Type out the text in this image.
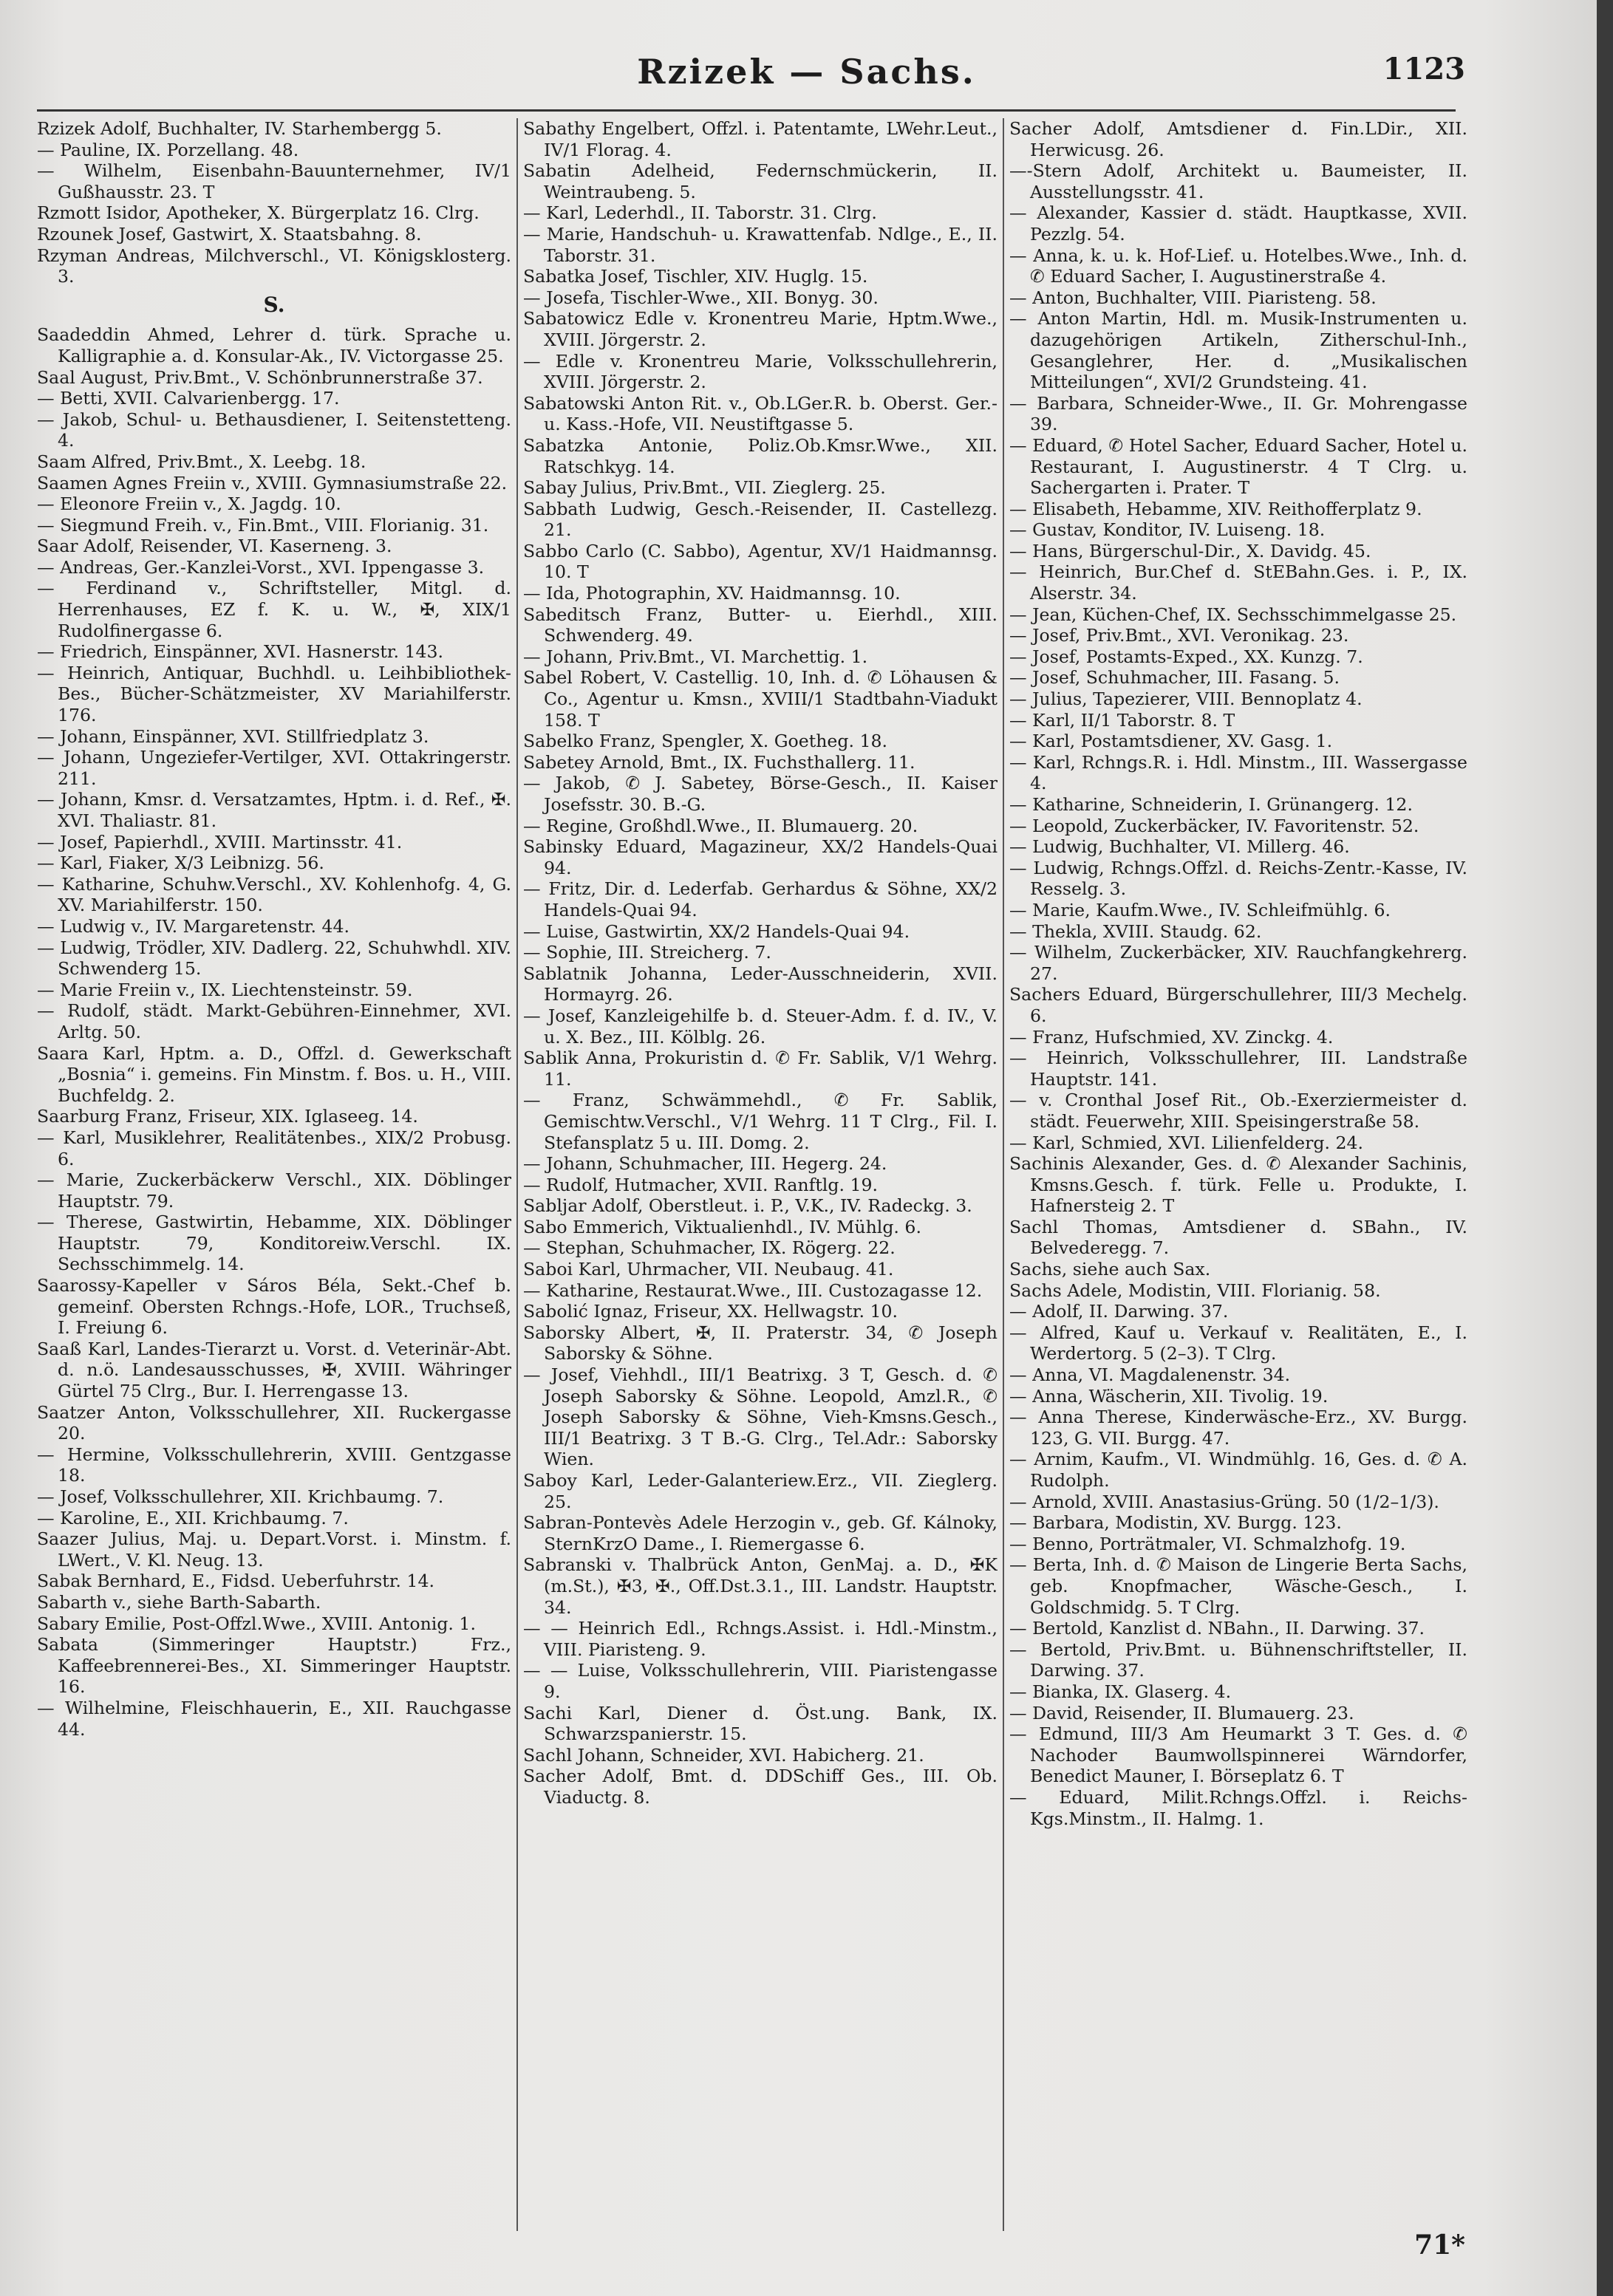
Rzizek — Sachs.	1123

Rzizek Adolf, Buchhalter, IV. Starhembergg 5.

— Pauline, IX. Porzellang. 48.

— Wilhelm, Eisenbahn-Bauunternehmer, IV/1 Gußhausstr. 23. T

Rzmott Isidor, Apotheker, X. Bürgerplatz 16. Clrg.

Rzounek Josef, Gastwirt, X. Staatsbahng. 8.

Rzyman Andreas, Milchverschl., VI. Königsklosterg. 3.

S.

Saadeddin Ahmed, Lehrer d. türk. Sprache u. Kalligraphie a. d. Konsular-Ak., IV. Victorgasse 25.

Saal August, Priv.Bmt., V. Schönbrunnerstraße 37.

— Betti, XVII. Calvarienbergg. 17.

— Jakob, Schul- u. Bethausdiener, I. Seitenstetteng. 4.

Saam Alfred, Priv.Bmt., X. Leebg. 18.

Saamen Agnes Freiin v., XVIII. Gymnasiumstraße 22.

— Eleonore Freiin v., X. Jagdg. 10.

— Siegmund Freih. v., Fin.Bmt., VIII. Florianig. 31.

Saar Adolf, Reisender, VI. Kaserneng. 3.

— Andreas, Ger.-Kanzlei-Vorst., XVI. Ippengasse 3.

— Ferdinand v., Schriftsteller, Mitgl. d. Herrenhauses, EZ f. K. u. W., ✠, XIX/1 Rudolfinergasse 6.

— Friedrich, Einspänner, XVI. Hasnerstr. 143.

— Heinrich, Antiquar, Buchhdl. u. Leihbibliothek-Bes., Bücher-Schätzmeister, XV Mariahilferstr. 176.

— Johann, Einspänner, XVI. Stillfriedplatz 3.

— Johann, Ungeziefer-Vertilger, XVI. Ottakringerstr. 211.

— Johann, Kmsr. d. Versatzamtes, Hptm. i. d. Ref., ✠. XVI. Thaliastr. 81.

— Josef, Papierhdl., XVIII. Martinsstr. 41.

— Karl, Fiaker, X/3 Leibnizg. 56.

— Katharine, Schuhw.Verschl., XV. Kohlenhofg. 4, G. XV. Mariahilferstr. 150.

— Ludwig v., IV. Margaretenstr. 44.

— Ludwig, Trödler, XIV. Dadlerg. 22, Schuhwhdl. XIV. Schwenderg 15.

— Marie Freiin v., IX. Liechtensteinstr. 59.

— Rudolf, städt. Markt-Gebühren-Einnehmer, XVI. Arltg. 50.

Saara Karl, Hptm. a. D., Offzl. d. Gewerkschaft „Bosnia“ i. gemeins. Fin Minstm. f. Bos. u. H., VIII. Buchfeldg. 2.

Saarburg Franz, Friseur, XIX. Iglaseeg. 14.

— Karl, Musiklehrer, Realitätenbes., XIX/2 Probusg. 6.

— Marie, Zuckerbäckerw Verschl., XIX. Döblinger Hauptstr. 79.

— Therese, Gastwirtin, Hebamme, XIX. Döblinger Hauptstr. 79, Konditoreiw.Verschl. IX. Sechsschimmelg. 14.

Saarossy-Kapeller v Sáros Béla, Sekt.-Chef b. gemeinf. Obersten Rchngs.-Hofe, LOR., Truchseß, I. Freiung 6.

Saaß Karl, Landes-Tierarzt u. Vorst. d. Veterinär-Abt. d. n.ö. Landesausschusses, ✠, XVIII. Währinger Gürtel 75 Clrg., Bur. I. Herrengasse 13.

Saatzer Anton, Volksschullehrer, XII. Ruckergasse 20.

— Hermine, Volksschullehrerin, XVIII. Gentzgasse 18.

— Josef, Volksschullehrer, XII. Krichbaumg. 7.

— Karoline, E., XII. Krichbaumg. 7.

Saazer Julius, Maj. u. Depart.Vorst. i. Minstm. f. LWert., V. Kl. Neug. 13.

Sabak Bernhard, E., Fidsd. Ueberfuhrstr. 14.

Sabarth v., siehe Barth-Sabarth.

Sabary Emilie, Post-Offzl.Wwe., XVIII. Antonig. 1.

Sabata (Simmeringer Hauptstr.) Frz., Kaffeebrennerei-Bes., XI. Simmeringer Hauptstr. 16.

— Wilhelmine, Fleischhauerin, E., XII. Rauchgasse 44.

Sabathy Engelbert, Offzl. i. Patentamte, LWehr.Leut., IV/1 Florag. 4.

Sabatin Adelheid, Federnschmückerin, II. Weintraubeng. 5.

— Karl, Lederhdl., II. Taborstr. 31. Clrg.

— Marie, Handschuh- u. Krawattenfab. Ndlge., E., II. Taborstr. 31.

Sabatka Josef, Tischler, XIV. Huglg. 15.

— Josefa, Tischler-Wwe., XII. Bonyg. 30.

Sabatowicz Edle v. Kronentreu Marie, Hptm.Wwe., XVIII. Jörgerstr. 2.

— Edle v. Kronentreu Marie, Volksschullehrerin, XVIII. Jörgerstr. 2.

Sabatowski Anton Rit. v., Ob.LGer.R. b. Oberst. Ger.- u. Kass.-Hofe, VII. Neustiftgasse 5.

Sabatzka Antonie, Poliz.Ob.Kmsr.Wwe., XII. Ratschkyg. 14.

Sabay Julius, Priv.Bmt., VII. Zieglerg. 25.

Sabbath Ludwig, Gesch.-Reisender, II. Castellezg. 21.

Sabbo Carlo (C. Sabbo), Agentur, XV/1 Haidmannsg. 10. T

— Ida, Photographin, XV. Haidmannsg. 10.

Sabeditsch Franz, Butter- u. Eierhdl., XIII. Schwenderg. 49.

— Johann, Priv.Bmt., VI. Marchettig. 1.

Sabel Robert, V. Castellig. 10, Inh. d. ✆ Löhausen & Co., Agentur u. Kmsn., XVIII/1 Stadtbahn-Viadukt 158. T

Sabelko Franz, Spengler, X. Goetheg. 18.

Sabetey Arnold, Bmt., IX. Fuchsthallerg. 11.

— Jakob, ✆ J. Sabetey, Börse-Gesch., II. Kaiser Josefsstr. 30. B.-G.

— Regine, Großhdl.Wwe., II. Blumauerg. 20.

Sabinsky Eduard, Magazineur, XX/2 Handels-Quai 94.

— Fritz, Dir. d. Lederfab. Gerhardus & Söhne, XX/2 Handels-Quai 94.

— Luise, Gastwirtin, XX/2 Handels-Quai 94.

— Sophie, III. Streicherg. 7.

Sablatnik Johanna, Leder-Ausschneiderin, XVII. Hormayrg. 26.

— Josef, Kanzleigehilfe b. d. Steuer-Adm. f. d. IV., V. u. X. Bez., III. Kölblg. 26.

Sablik Anna, Prokuristin d. ✆ Fr. Sablik, V/1 Wehrg. 11.

— Franz, Schwämmehdl., ✆ Fr. Sablik, Gemischtw.Verschl., V/1 Wehrg. 11 T Clrg., Fil. I. Stefansplatz 5 u. III. Domg. 2.

— Johann, Schuhmacher, III. Hegerg. 24.

— Rudolf, Hutmacher, XVII. Ranftlg. 19.

Sabljar Adolf, Oberstleut. i. P., V.K., IV. Radeckg. 3.

Sabo Emmerich, Viktualienhdl., IV. Mühlg. 6.

— Stephan, Schuhmacher, IX. Rögerg. 22.

Saboi Karl, Uhrmacher, VII. Neubaug. 41.

— Katharine, Restaurat.Wwe., III. Custozagasse 12.

Sabolić Ignaz, Friseur, XX. Hellwagstr. 10.

Saborsky Albert, ✠, II. Praterstr. 34, ✆ Joseph Saborsky & Söhne.

— Josef, Viehhdl., III/1 Beatrixg. 3 T, Gesch. d. ✆ Joseph Saborsky & Söhne. Leopold, Amzl.R., ✆ Joseph Saborsky & Söhne, Vieh-Kmsns.Gesch., III/1 Beatrixg. 3 T B.-G. Clrg., Tel.Adr.: Saborsky Wien.

Saboy Karl, Leder-Galanteriew.Erz., VII. Zieglerg. 25.

Sabran-Pontevès Adele Herzogin v., geb. Gf. Kálnoky, SternKrzO Dame., I. Riemergasse 6.

Sabranski v. Thalbrück Anton, GenMaj. a. D., ✠K (m.St.), ✠3, ✠., Off.Dst.3.1., III. Landstr. Hauptstr. 34.

— — Heinrich Edl., Rchngs.Assist. i. Hdl.-Minstm., VIII. Piaristeng. 9.

— — Luise, Volksschullehrerin, VIII. Piaristengasse 9.

Sachi Karl, Diener d. Öst.ung. Bank, IX. Schwarzspanierstr. 15.

Sachl Johann, Schneider, XVI. Habicherg. 21.

Sacher Adolf, Bmt. d. DDSchiff Ges., III. Ob. Viaductg. 8.

Sacher Adolf, Amtsdiener d. Fin.LDir., XII. Herwicusg. 26.

—-Stern Adolf, Architekt u. Baumeister, II. Ausstellungsstr. 41.

— Alexander, Kassier d. städt. Hauptkasse, XVII. Pezzlg. 54.

— Anna, k. u. k. Hof-Lief. u. Hotelbes.Wwe., Inh. d. ✆ Eduard Sacher, I. Augustinerstraße 4.

— Anton, Buchhalter, VIII. Piaristeng. 58.

— Anton Martin, Hdl. m. Musik-Instrumenten u. dazugehörigen Artikeln, Zitherschul-Inh., Gesanglehrer, Her. d. „Musikalischen Mitteilungen“, XVI/2 Grundsteing. 41.

— Barbara, Schneider-Wwe., II. Gr. Mohrengasse 39.

— Eduard, ✆ Hotel Sacher, Eduard Sacher, Hotel u. Restaurant, I. Augustinerstr. 4 T Clrg. u. Sachergarten i. Prater. T

— Elisabeth, Hebamme, XIV. Reithofferplatz 9.

— Gustav, Konditor, IV. Luiseng. 18.

— Hans, Bürgerschul-Dir., X. Davidg. 45.

— Heinrich, Bur.Chef d. StEBahn.Ges. i. P., IX. Alserstr. 34.

— Jean, Küchen-Chef, IX. Sechsschimmelgasse 25.

— Josef, Priv.Bmt., XVI. Veronikag. 23.

— Josef, Postamts-Exped., XX. Kunzg. 7.

— Josef, Schuhmacher, III. Fasang. 5.

— Julius, Tapezierer, VIII. Bennoplatz 4.

— Karl, II/1 Taborstr. 8. T

— Karl, Postamtsdiener, XV. Gasg. 1.

— Karl, Rchngs.R. i. Hdl. Minstm., III. Wassergasse 4.

— Katharine, Schneiderin, I. Grünangerg. 12.

— Leopold, Zuckerbäcker, IV. Favoritenstr. 52.

— Ludwig, Buchhalter, VI. Millerg. 46.

— Ludwig, Rchngs.Offzl. d. Reichs-Zentr.-Kasse, IV. Resselg. 3.

— Marie, Kaufm.Wwe., IV. Schleifmühlg. 6.

— Thekla, XVIII. Staudg. 62.

— Wilhelm, Zuckerbäcker, XIV. Rauchfangkehrerg. 27.

Sachers Eduard, Bürgerschullehrer, III/3 Mechelg. 6.

— Franz, Hufschmied, XV. Zinckg. 4.

— Heinrich, Volksschullehrer, III. Landstraße Hauptstr. 141.

— v. Cronthal Josef Rit., Ob.-Exerziermeister d. städt. Feuerwehr, XIII. Speisingerstraße 58.

— Karl, Schmied, XVI. Lilienfelderg. 24.

Sachinis Alexander, Ges. d. ✆ Alexander Sachinis, Kmsns.Gesch. f. türk. Felle u. Produkte, I. Hafnersteig 2. T

Sachl Thomas, Amtsdiener d. SBahn., IV. Belvederegg. 7.

Sachs, siehe auch Sax.

Sachs Adele, Modistin, VIII. Florianig. 58.

— Adolf, II. Darwing. 37.

— Alfred, Kauf u. Verkauf v. Realitäten, E., I. Werdertorg. 5 (2–3). T Clrg.

— Anna, VI. Magdalenenstr. 34.

— Anna, Wäscherin, XII. Tivolig. 19.

— Anna Therese, Kinderwäsche-Erz., XV. Burgg. 123, G. VII. Burgg. 47.

— Arnim, Kaufm., VI. Windmühlg. 16, Ges. d. ✆ A. Rudolph.

— Arnold, XVIII. Anastasius-Grüng. 50 (1/2–1/3).

— Barbara, Modistin, XV. Burgg. 123.

— Benno, Porträtmaler, VI. Schmalzhofg. 19.

— Berta, Inh. d. ✆ Maison de Lingerie Berta Sachs, geb. Knopfmacher, Wäsche-Gesch., I. Goldschmidg. 5. T Clrg.

— Bertold, Kanzlist d. NBahn., II. Darwing. 37.

— Bertold, Priv.Bmt. u. Bühnenschriftsteller, II. Darwing. 37.

— Bianka, IX. Glaserg. 4.

— David, Reisender, II. Blumauerg. 23.

— Edmund, III/3 Am Heumarkt 3 T. Ges. d. ✆ Nachoder Baumwollspinnerei Wärndorfer, Benedict Mauner, I. Börseplatz 6. T

— Eduard, Milit.Rchngs.Offzl. i. Reichs-Kgs.Minstm., II. Halmg. 1.

71*
